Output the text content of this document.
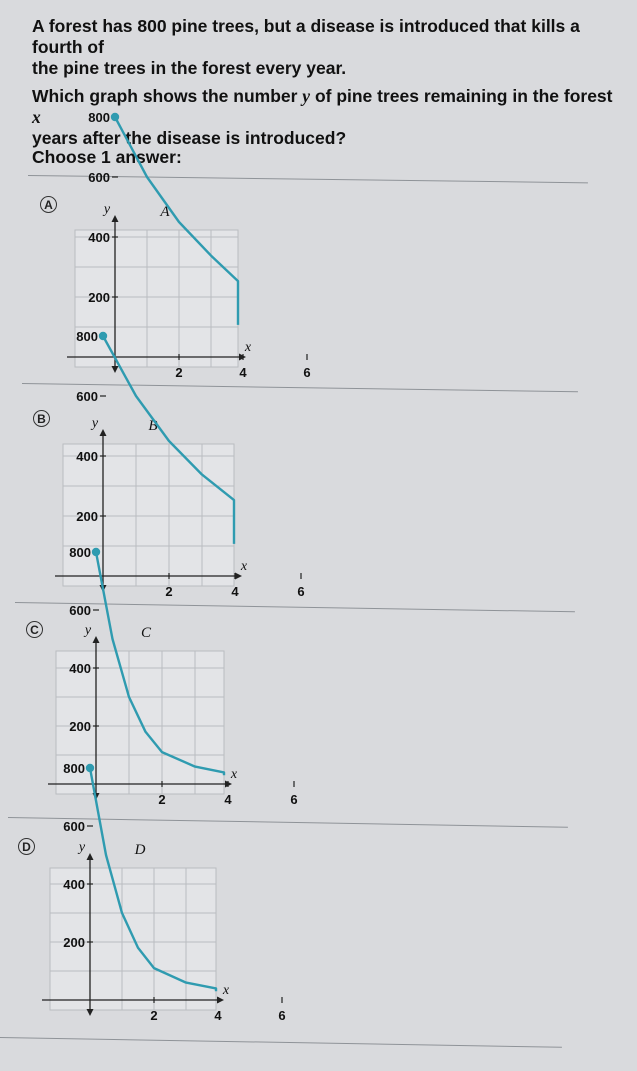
A forest has 800 pine trees, but a disease is introduced that kills a fourth of
the pine trees in the forest every year.

Which graph shows the number y of pine trees remaining in the forest x
years after the disease is introduced?

Choose 1 answer:

A
800
600
400
200
2	4	6
y
x
A
B
800
600
400
200
2	4	6
y
x
B
C
800
600
400
200
2	4	6
y
x
C
D
800
600
400
200
2	4	6
y
x
D
